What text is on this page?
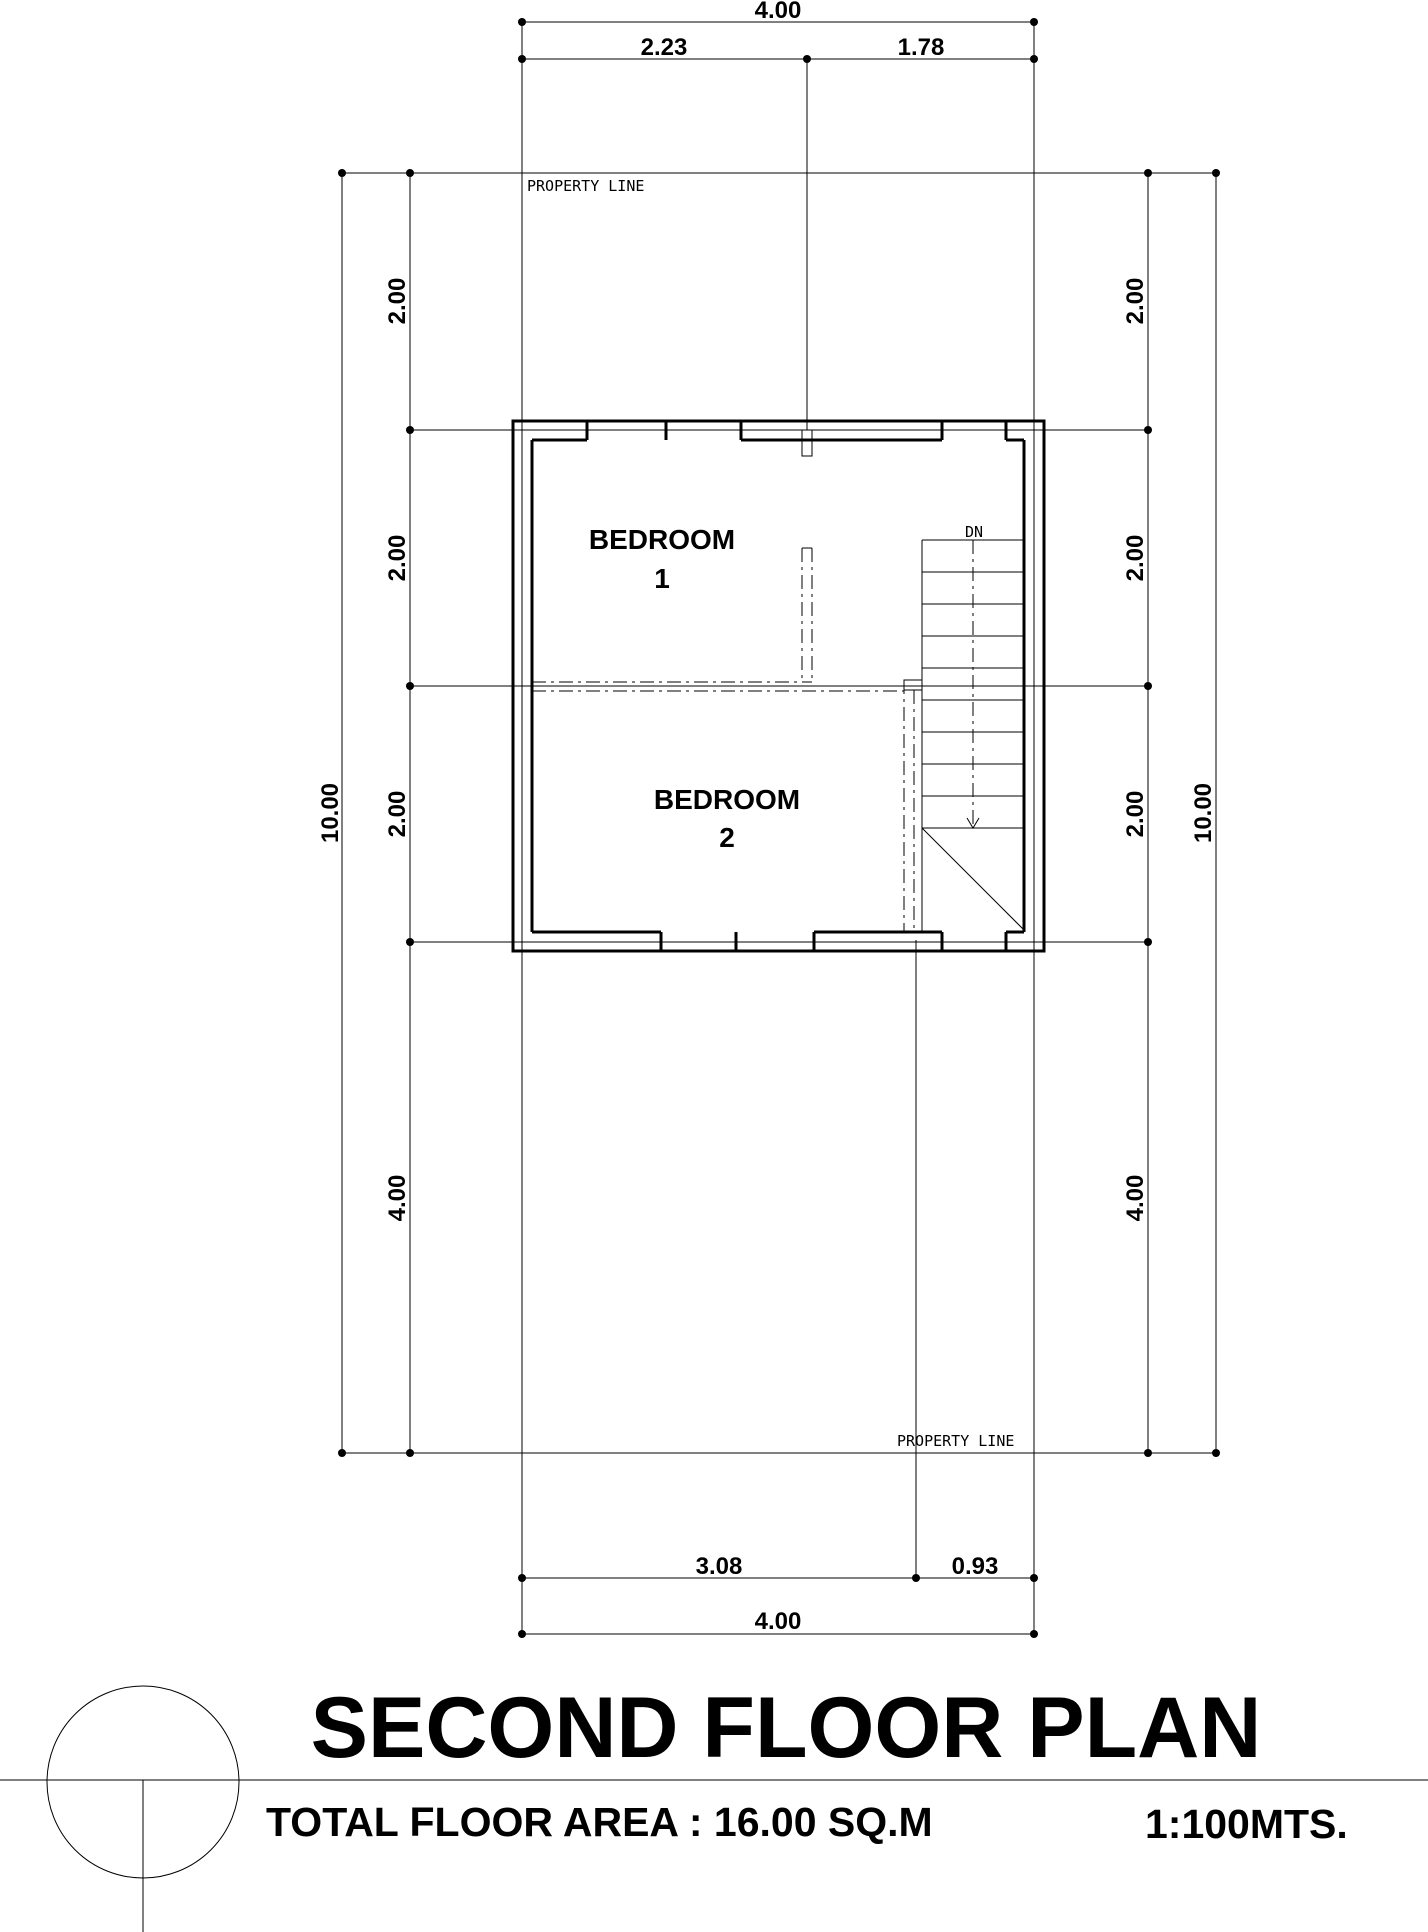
4.00
2.23	1.78
PROPERTY LINE
PROPERTY LINE
2.00
2.00
2.00
4.00
10.00
2.00
2.00
2.00
4.00
10.00
DN
BEDROOM
1
BEDROOM
2
3.08	0.93
4.00
SECOND FLOOR PLAN
TOTAL FLOOR AREA : 16.00 SQ.M	1:100MTS.
